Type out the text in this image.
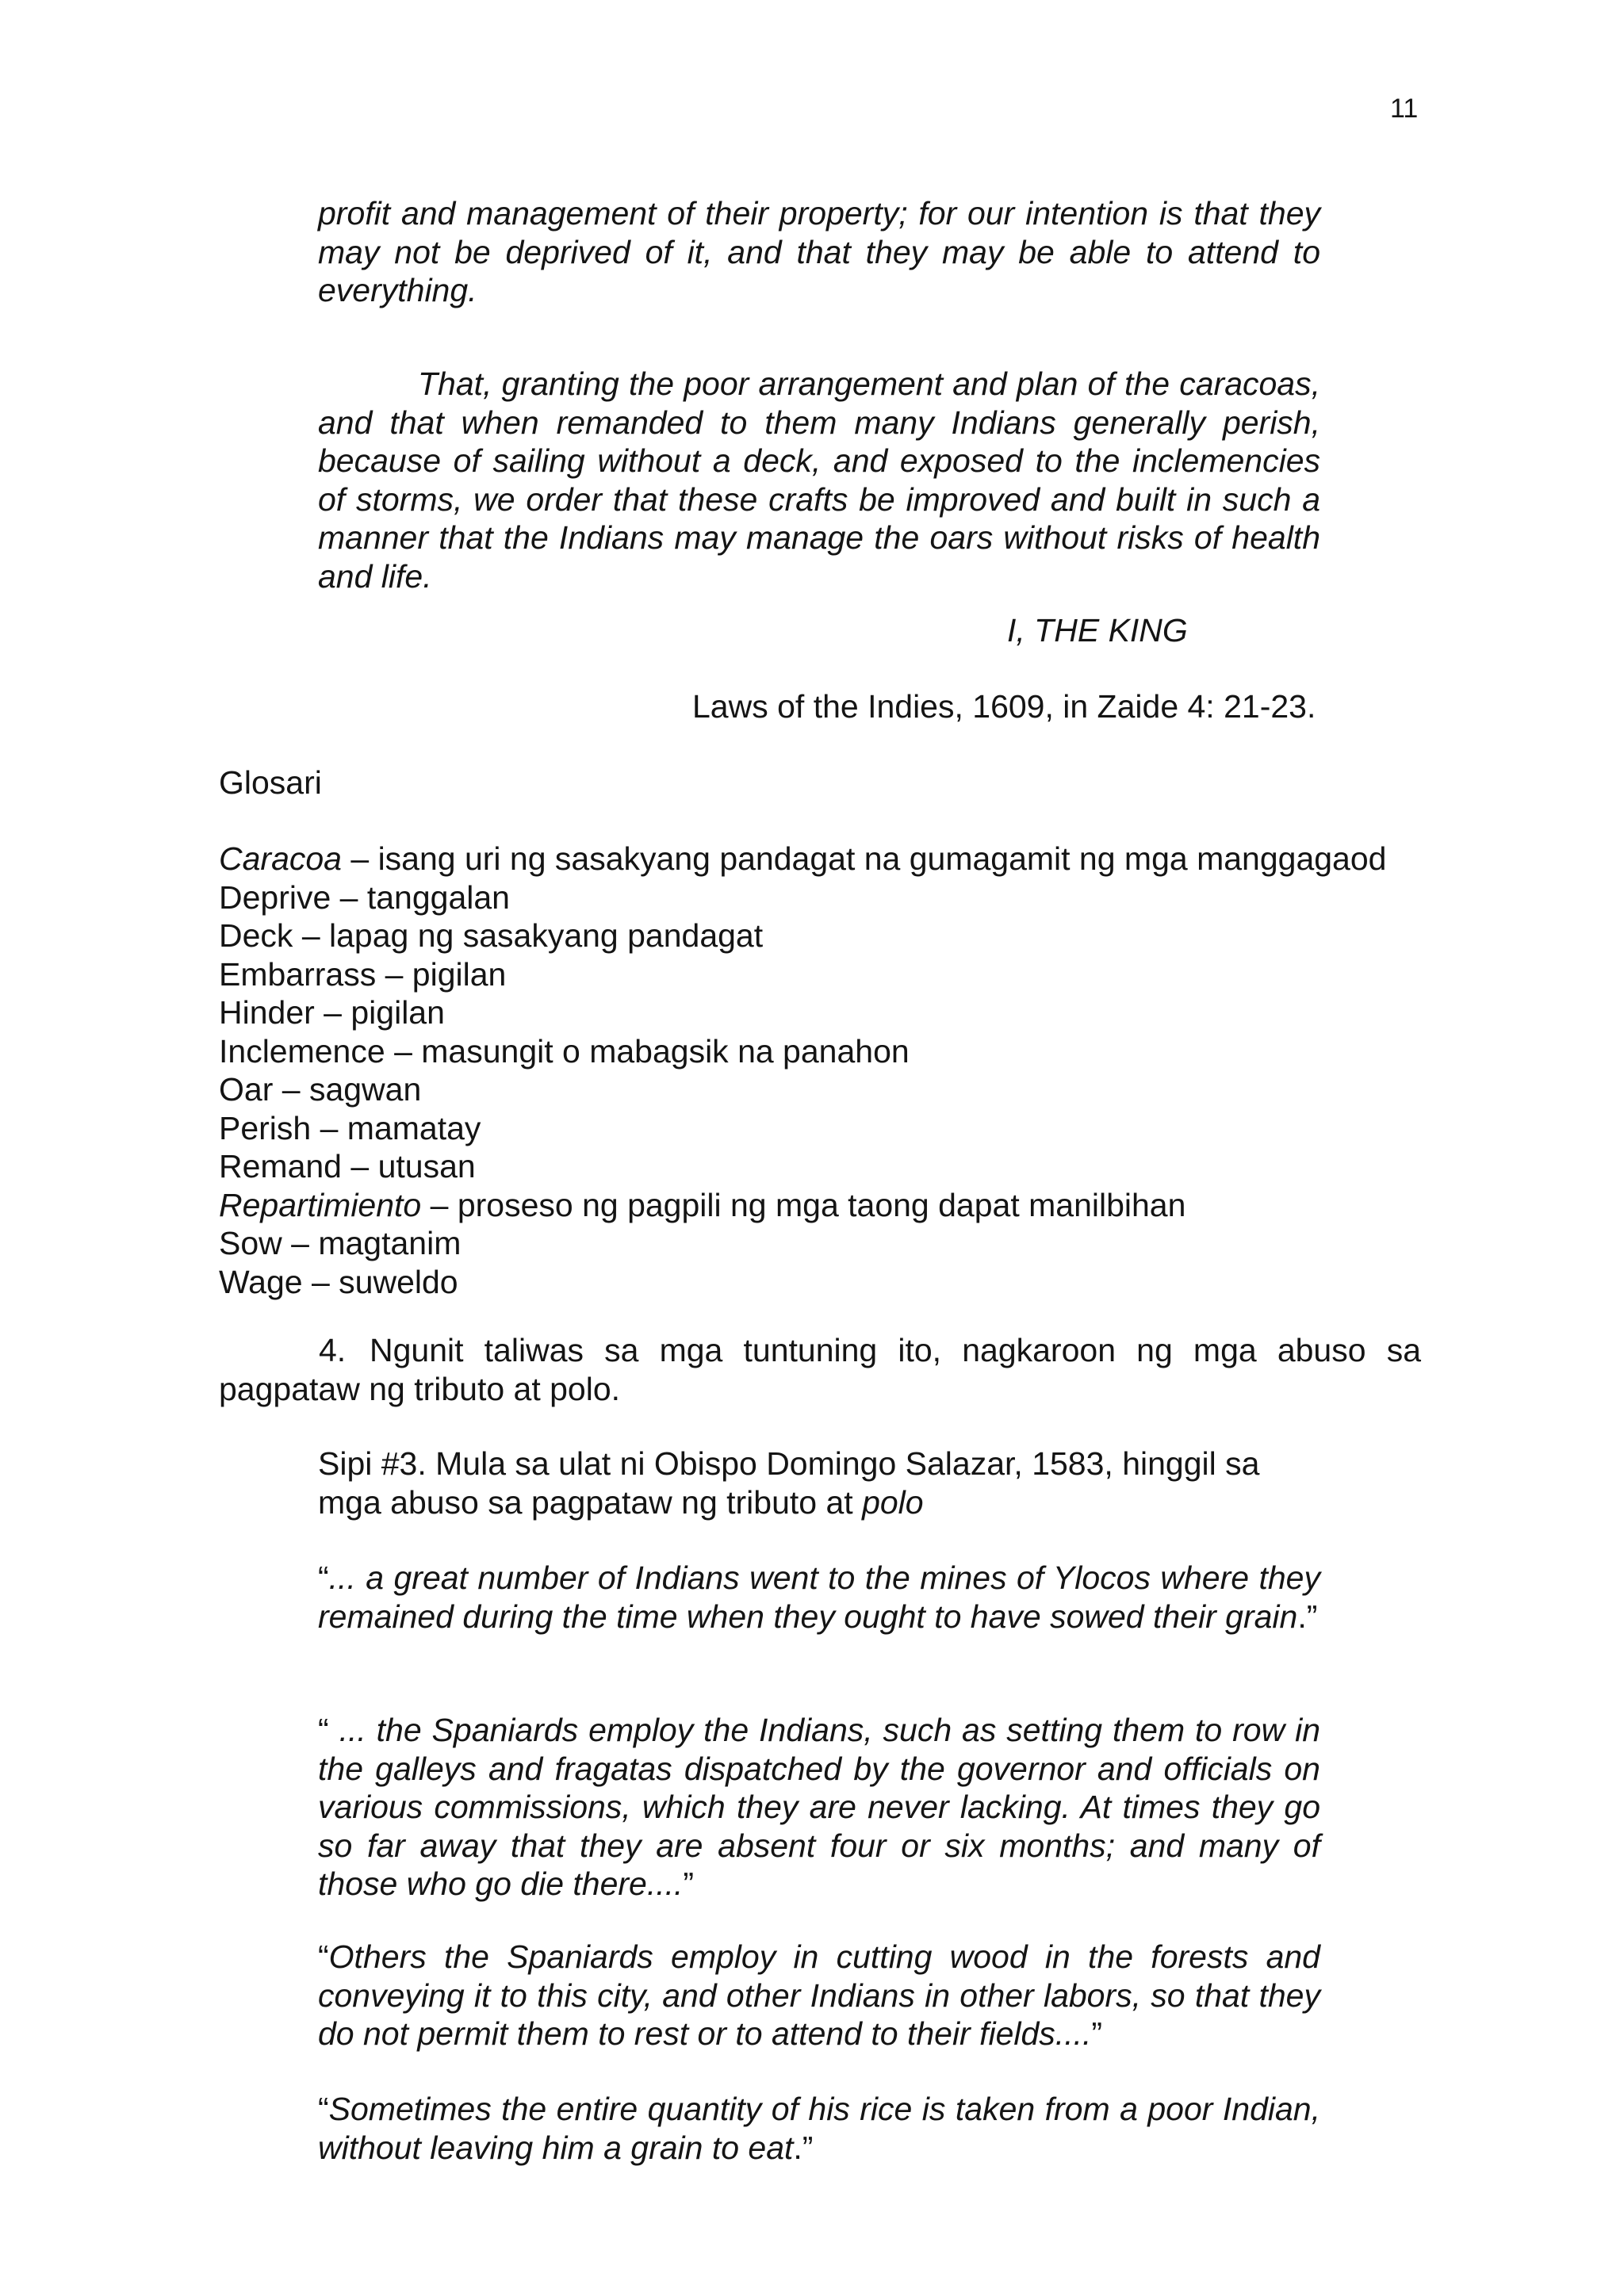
11

profit and management of their property; for our intention is that they may not be deprived of it, and that they may be able to attend to everything.

That, granting the poor arrangement and plan of the caracoas, and that when remanded to them many Indians generally perish, because of sailing without a deck, and exposed to the inclemencies of storms, we order that these crafts be improved and built in such a manner that the Indians may manage the oars without risks of health and life.

I, THE KING
Laws of the Indies, 1609, in Zaide 4: 21-23.
Glosari
Caracoa – isang uri ng sasakyang pandagat na gumagamit ng mga manggagaod
Deprive – tanggalan
Deck – lapag ng sasakyang pandagat
Embarrass – pigilan
Hinder – pigilan
Inclemence – masungit o mabagsik na panahon
Oar – sagwan
Perish – mamatay
Remand – utusan
Repartimiento – proseso ng pagpili ng mga taong dapat manilbihan
Sow – magtanim
Wage – suweldo

4. Ngunit taliwas sa mga tuntuning ito, nagkaroon ng mga abuso sa pagpataw ng tributo at polo.

Sipi #3. Mula sa ulat ni Obispo Domingo Salazar, 1583, hinggil sa mga abuso sa pagpataw ng tributo at polo

“... a great number of Indians went to the mines of Ylocos where they remained during the time when they ought to have sowed their grain.”

“ ... the Spaniards employ the Indians, such as setting them to row in the galleys and fragatas dispatched by the governor and officials on various commissions, which they are never lacking. At times they go so far away that they are absent four or six months; and many of those who go die there....”

“Others the Spaniards employ in cutting wood in the forests and conveying it to this city, and other Indians in other labors, so that they do not permit them to rest or to attend to their fields....”

“Sometimes the entire quantity of his rice is taken from a poor Indian, without leaving him a grain to eat.”
